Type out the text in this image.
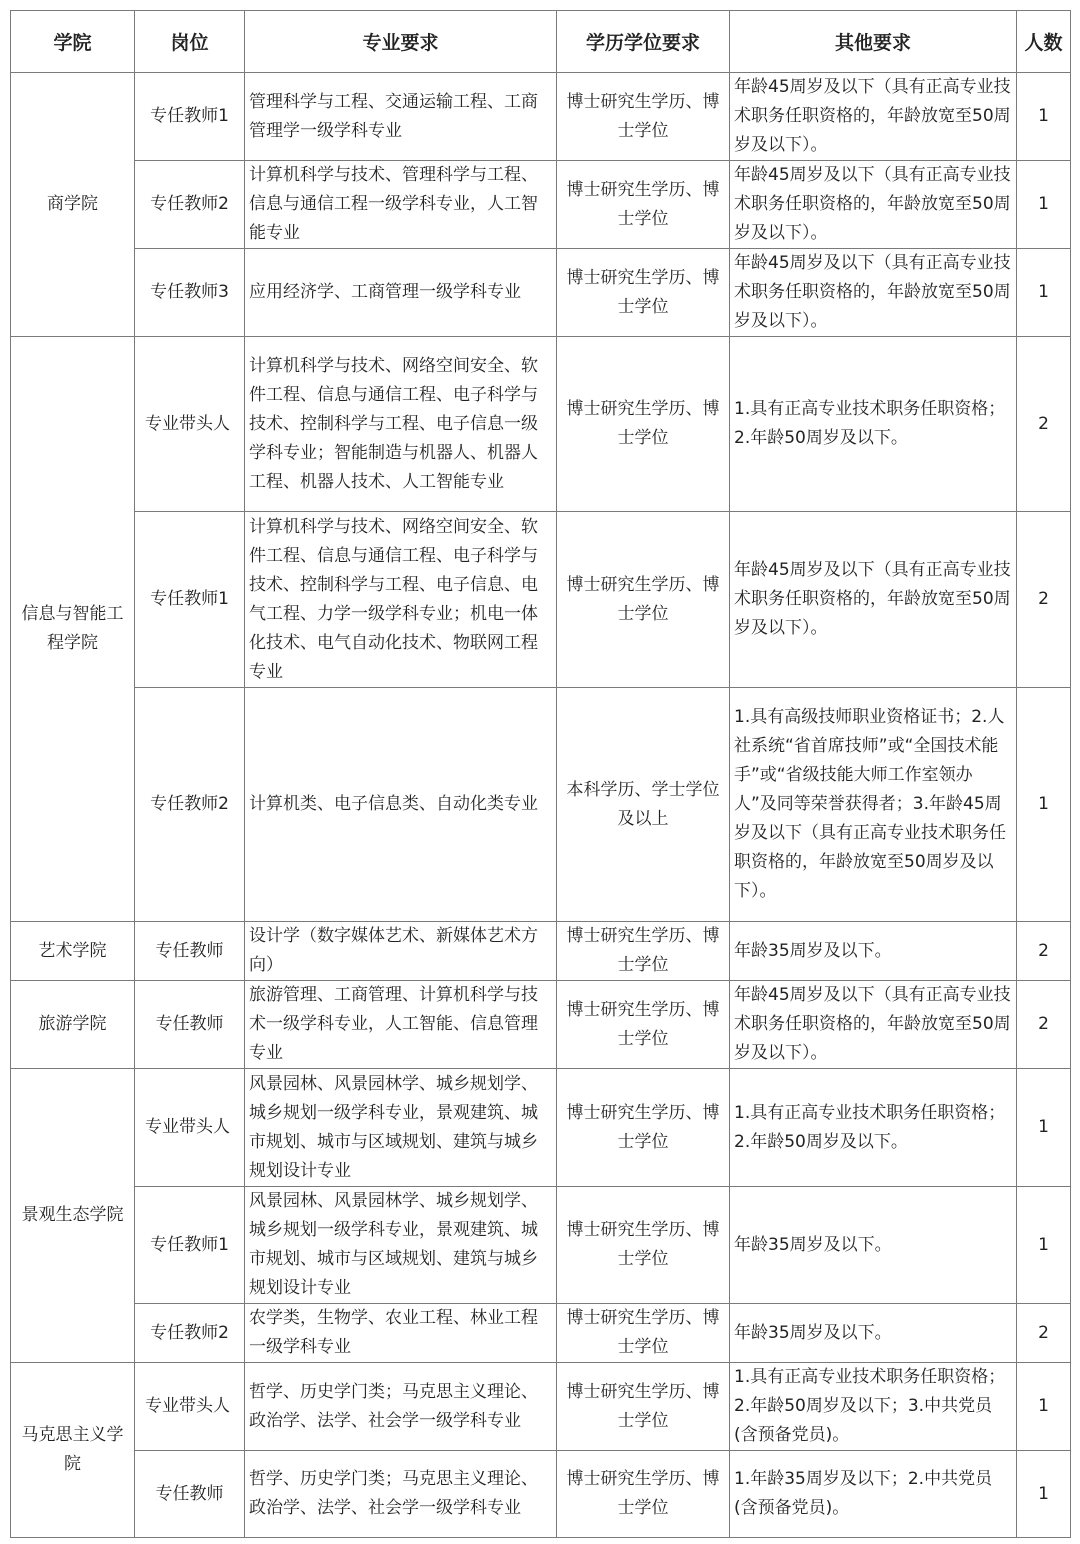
学院	岗位	专业要求	学历学位要求	其他要求	人数
商学院	专任教师1	管理科学与工程、交通运输工程、工商管理学一级学科专业	博士研究生学历、博士学位	年龄45周岁及以下（具有正高专业技术职务任职资格的，年龄放宽至50周岁及以下）。	1
	专任教师2	计算机科学与技术、管理科学与工程、信息与通信工程一级学科专业，人工智能专业	博士研究生学历、博士学位	年龄45周岁及以下（具有正高专业技术职务任职资格的，年龄放宽至50周岁及以下）。	1
	专任教师3	应用经济学、工商管理一级学科专业	博士研究生学历、博士学位	年龄45周岁及以下（具有正高专业技术职务任职资格的，年龄放宽至50周岁及以下）。	1
信息与智能工程学院	专业带头人	计算机科学与技术、网络空间安全、软件工程、信息与通信工程、电子科学与技术、控制科学与工程、电子信息一级学科专业；智能制造与机器人、机器人工程、机器人技术、人工智能专业	博士研究生学历、博士学位	1.具有正高专业技术职务任职资格；2.年龄50周岁及以下。	2
	专任教师1	计算机科学与技术、网络空间安全、软件工程、信息与通信工程、电子科学与技术、控制科学与工程、电子信息、电气工程、力学一级学科专业；机电一体化技术、电气自动化技术、物联网工程专业	博士研究生学历、博士学位	年龄45周岁及以下（具有正高专业技术职务任职资格的，年龄放宽至50周岁及以下）。	2
	专任教师2	计算机类、电子信息类、自动化类专业	本科学历、学士学位及以上	1.具有高级技师职业资格证书；2.人社系统“省首席技师”或“全国技术能手”或“省级技能大师工作室领办人”及同等荣誉获得者；3.年龄45周岁及以下（具有正高专业技术职务任职资格的，年龄放宽至50周岁及以下）。	1
艺术学院	专任教师	设计学（数字媒体艺术、新媒体艺术方向）	博士研究生学历、博士学位	年龄35周岁及以下。	2
旅游学院	专任教师	旅游管理、工商管理、计算机科学与技术一级学科专业，人工智能、信息管理专业	博士研究生学历、博士学位	年龄45周岁及以下（具有正高专业技术职务任职资格的，年龄放宽至50周岁及以下）。	2
景观生态学院	专业带头人	风景园林、风景园林学、城乡规划学、城乡规划一级学科专业，景观建筑、城市规划、城市与区域规划、建筑与城乡规划设计专业	博士研究生学历、博士学位	1.具有正高专业技术职务任职资格；2.年龄50周岁及以下。	1
	专任教师1	风景园林、风景园林学、城乡规划学、城乡规划一级学科专业，景观建筑、城市规划、城市与区域规划、建筑与城乡规划设计专业	博士研究生学历、博士学位	年龄35周岁及以下。	1
	专任教师2	农学类，生物学、农业工程、林业工程一级学科专业	博士研究生学历、博士学位	年龄35周岁及以下。	2
马克思主义学院	专业带头人	哲学、历史学门类；马克思主义理论、政治学、法学、社会学一级学科专业	博士研究生学历、博士学位	1.具有正高专业技术职务任职资格；2.年龄50周岁及以下；3.中共党员(含预备党员)。	1
	专任教师	哲学、历史学门类；马克思主义理论、政治学、法学、社会学一级学科专业	博士研究生学历、博士学位	1.年龄35周岁及以下；2.中共党员(含预备党员)。	1
